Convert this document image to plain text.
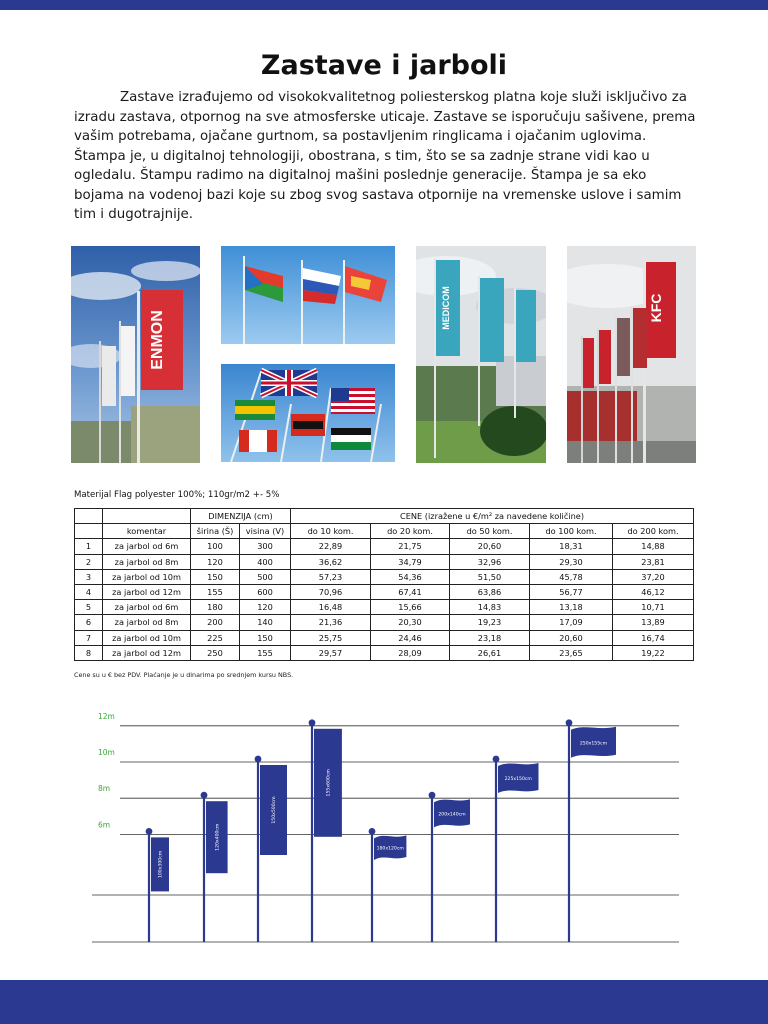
Zastave i jarboli

Zastave izrađujemo od visokokvalitetnog poliesterskog platna koje služi isključivo za izradu zastava, otpornog na sve atmosferske uticaje. Zastave se isporučuju sašivene, prema vašim potrebama, ojačane gurtnom, sa postavljenim ringlicama i ojačanim uglovima. Štampa je, u digitalnoj tehnologiji, obostrana, s tim, što se sa zadnje strane vidi kao u ogledalu. Štampu radimo na digitalnoj mašini poslednje generacije. Štampa je sa eko bojama na vodenoj bazi koje su zbog svog sastava otpornije na vremenske uslove i samim tim i dugotrajnije.

ENMON
MEDICOM	KFC
Materijal Flag polyester 100%; 110gr/m2 +- 5%
		DIMENZIJA (cm)		CENE (izražene u €/m² za navedene količine)				
	komentar	širina (Š)	visina (V)	do 10 kom.	do 20 kom.	do 50 kom.	do 100 kom.	do 200 kom.
1	za jarbol od 6m	100	300	22,89	21,75	20,60	18,31	14,88
2	za jarbol od 8m	120	400	36,62	34,79	32,96	29,30	23,81
3	za jarbol od 10m	150	500	57,23	54,36	51,50	45,78	37,20
4	za jarbol od 12m	155	600	70,96	67,41	63,86	56,77	46,12
5	za jarbol od 6m	180	120	16,48	15,66	14,83	13,18	10,71
6	za jarbol od 8m	200	140	21,36	20,30	19,23	17,09	13,89
7	za jarbol od 10m	225	150	25,75	24,46	23,18	20,60	16,74
8	za jarbol od 12m	250	155	29,57	28,09	26,61	23,65	19,22
Cene su u € bez PDV. Plaćanje je u dinarima po srednjem kursu NBS.
12m
10m
8m
6m
100x300cm
120x400cm
150x500cm
155x600cm
180x120cm
200x140cm
225x150cm
250x155cm
